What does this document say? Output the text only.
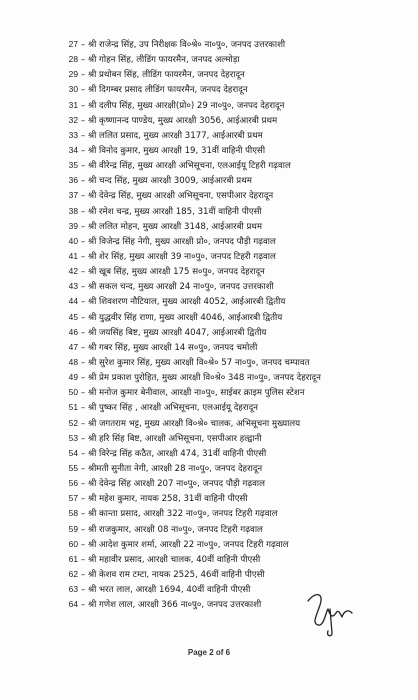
27 – श्री राजेन्द्र सिंह, उप निरीक्षक वि०श्रे० ना०पु०, जनपद उत्तरकाशी
28 – श्री गोहन सिंह, लीडिंग फायरमैन, जनपद अल्मोड़ा
29 – श्री प्रथोबन सिंह, लीडिंग फायरमैन, जनपद देहरादून
30 – श्री दिगम्बर प्रसाद लीडिंग फायरमैन, जनपद देहरादून
31 – श्री दलीप सिंह, मुख्य आरक्षी(प्रो०) 29 ना०पु०, जनपद देहरादून
32 – श्री कृष्णानन्द पाण्डेय, मुख्य आरक्षी 3056, आईआरबी प्रथम
33 – श्री ललित प्रसाद, मुख्य आरक्षी 3177, आईआरबी प्रथम
34 – श्री विनोद कुमार, मुख्य आरक्षी 19, 31वीं वाहिनी पीएसी
35 – श्री वीरेन्द्र सिंह, मुख्य आरक्षी अभिसूचना, एलआईयू टिहरी गढ़वाल
36 – श्री चन्द सिंह, मुख्य आरक्षी 3009, आईआरबी प्रथम
37 – श्री देवेन्द्र सिंह, मुख्य आरक्षी अभिसूचना, एसपीआर देहरादून
38 – श्री रमेश चन्द्र, मुख्य आरक्षी 185, 31वीं वाहिनी पीएसी
39 – श्री ललित मोहन, मुख्य आरक्षी 3148, आईआरबी प्रथम
40 – श्री विजेन्द्र सिंह नेगी, मुख्य आरक्षी प्रो०, जनपद पौड़ी गढ़वाल
41 – श्री शेर सिंह, मुख्य आरक्षी 39 ना०पु०, जनपद टिहरी गढ़वाल
42 – श्री खूब सिंह, मुख्य आरक्षी 175 स०पु०, जनपद देहरादून
43 – श्री सकल चन्द, मुख्य आरक्षी 24 ना०पु०, जनपद उत्तरकाशी
44 – श्री शिवशरण नौटियाल, मुख्य आरक्षी 4052, आईआरबी द्वितीय
45 – श्री युद्धवीर सिंह राणा, मुख्य आरक्षी 4046, आईआरबी द्वितीय
46 – श्री जयसिंह बिष्ट, मुख्य आरक्षी 4047, आईआरबी द्वितीय
47 – श्री गबर सिंह, मुख्य आरक्षी 14 स०पु०, जनपद चमोली
48 – श्री सुरेश कुमार सिंह, मुख्य आरक्षी वि०श्रे० 57 ना०पु०, जनपद चम्पावत
49 – श्री प्रेम प्रकाश पुरोहित, मुख्य आरक्षी वि०श्रे० 348 ना०पु०, जनपद देहरादून
50 – श्री मनोज कुमार बेनीवाल, आरक्षी ना०पु०, साईबर क्राइम पुलिस स्टेशन
51 – श्री पुष्कर सिंह , आरक्षी अभिसूचना, एलआईयू देहरादून
52 – श्री जगतराम भट्ट, मुख्य आरक्षी वि०श्रे० चालक, अभिसूचना मुख्यालय
53 – श्री हरि सिंह बिष्ट, आरक्षी अभिसूचना, एसपीआर हल्द्वानी
54 – श्री विरेन्द्र सिंह कठैत, आरक्षी 474, 31वीं वाहिनी पीएसी
55 – श्रीमती सुनीता नेगी, आरक्षी 28 ना०पु०, जनपद देहरादून
56 – श्री देवेन्द्र सिंह आरक्षी 207 ना०पु०, जनपद पौड़ी गढ़वाल
57 – श्री महेश कुमार, नायक 258, 31वीं वाहिनी पीएसी
58 – श्री कान्ता प्रसाद, आरक्षी 322 ना०पु०, जनपद टिहरी गढ़वाल
59 – श्री राजकुमार, आरक्षी 08 ना०पु०, जनपद टिहरी गढ़वाल
60 – श्री आदेश कुमार शर्मा, आरक्षी 22 ना०पु०, जनपद टिहरी गढ़वाल
61 – श्री महावीर प्रसाद, आरक्षी चालक, 40वीं वाहिनी पीएसी
62 – श्री केशव राम टम्टा, नायक 2525, 46वीं वाहिनी पीएसी
63 – श्री भरत लाल, आरक्षी 1694, 40वीं वाहिनी पीएसी
64 – श्री गणेश लाल, आरक्षी 366 ना०पु०, जनपद उत्तरकाशी
Page 2 of 6
